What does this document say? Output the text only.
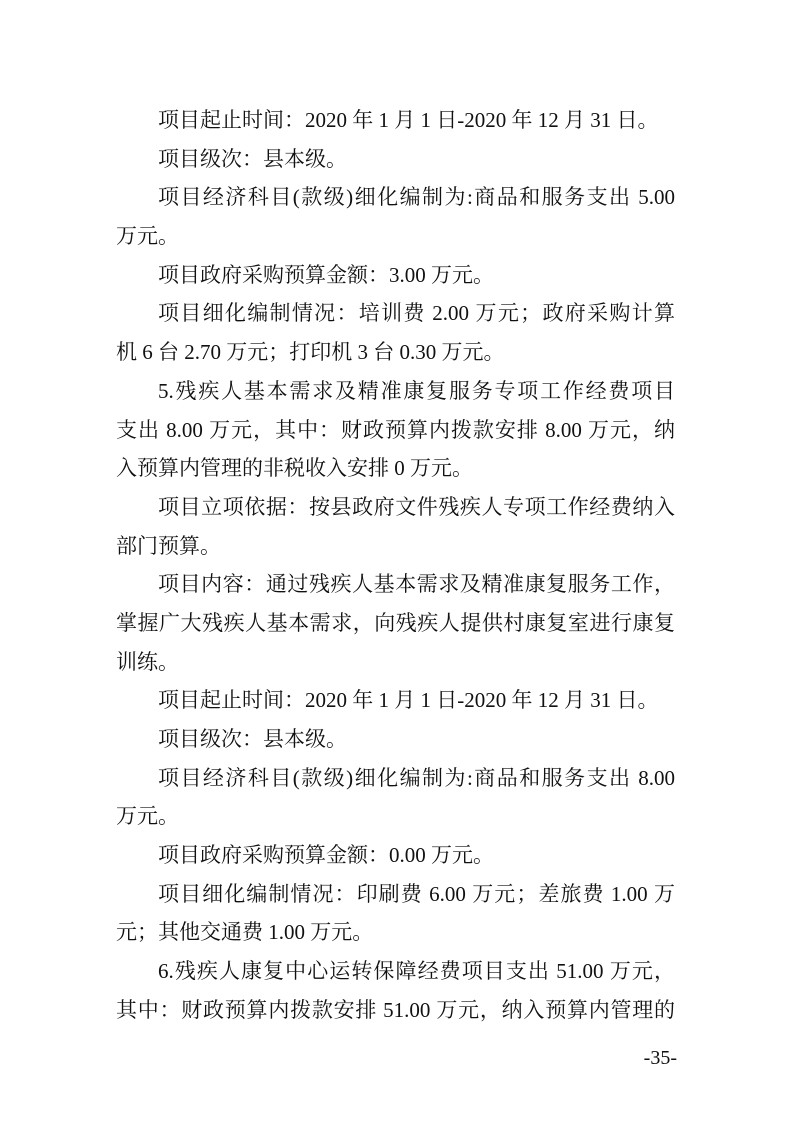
项目起止时间：2020 年 1 月 1 日-2020 年 12 月 31 日。
项目级次：县本级。
项目经济科目(款级)细化编制为:商品和服务支出 5.00
万元。
项目政府采购预算金额：3.00 万元。
项目细化编制情况：培训费 2.00 万元；政府采购计算
机 6 台 2.70 万元；打印机 3 台 0.30 万元。
5.残疾人基本需求及精准康复服务专项工作经费项目
支出 8.00 万元，其中：财政预算内拨款安排 8.00 万元，纳
入预算内管理的非税收入安排 0 万元。
项目立项依据：按县政府文件残疾人专项工作经费纳入
部门预算。
项目内容：通过残疾人基本需求及精准康复服务工作，
掌握广大残疾人基本需求，向残疾人提供村康复室进行康复
训练。
项目起止时间：2020 年 1 月 1 日-2020 年 12 月 31 日。
项目级次：县本级。
项目经济科目(款级)细化编制为:商品和服务支出 8.00
万元。
项目政府采购预算金额：0.00 万元。
项目细化编制情况：印刷费 6.00 万元；差旅费 1.00 万
元；其他交通费 1.00 万元。
6.残疾人康复中心运转保障经费项目支出 51.00 万元，
其中：财政预算内拨款安排 51.00 万元，纳入预算内管理的
-35-
